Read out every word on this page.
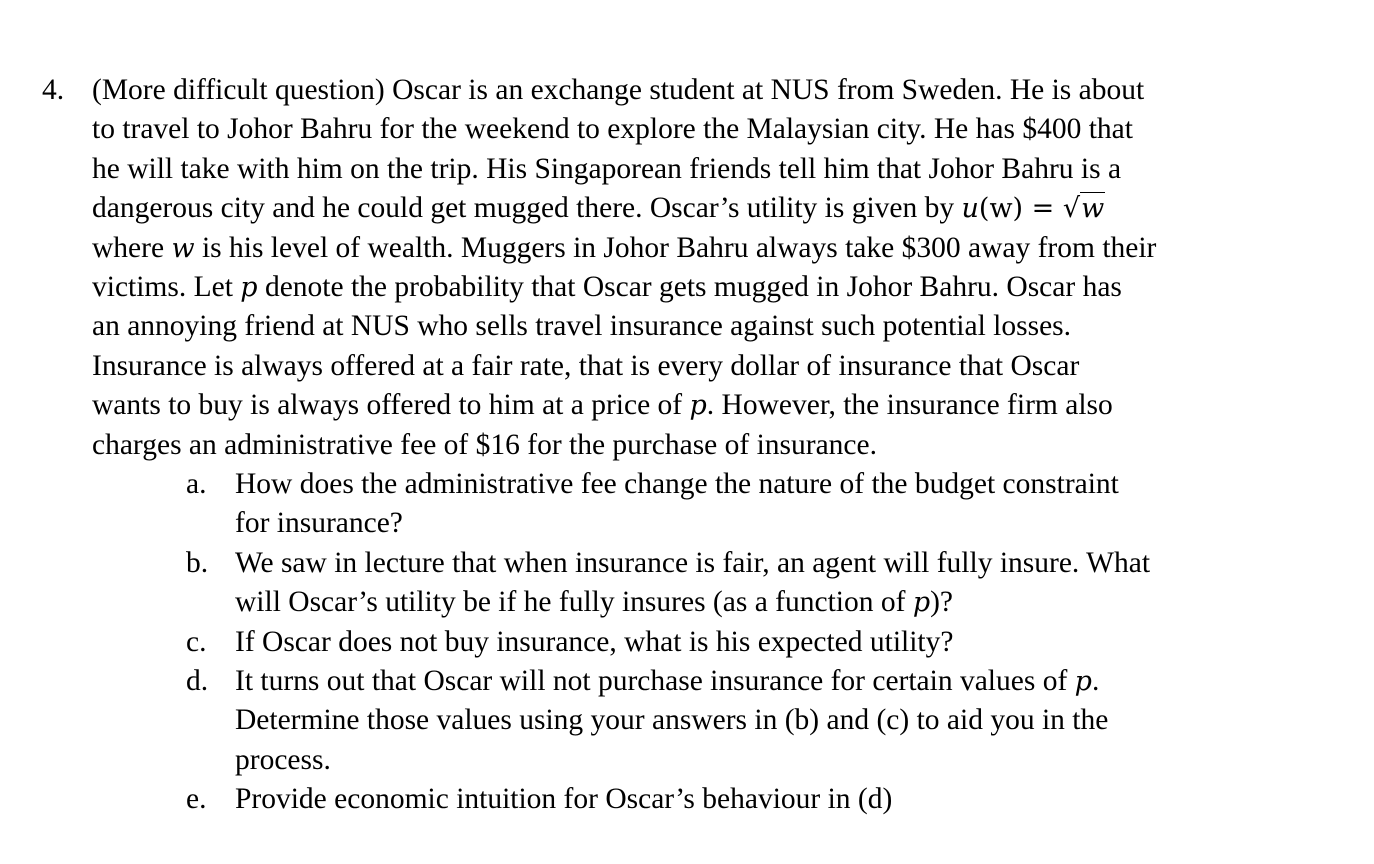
4. (More difficult question) Oscar is an exchange student at NUS from Sweden. He is about
to travel to Johor Bahru for the weekend to explore the Malaysian city. He has $400 that
he will take with him on the trip. His Singaporean friends tell him that Johor Bahru is a
dangerous city and he could get mugged there. Oscar’s utility is given by u(w) = √w
where w is his level of wealth. Muggers in Johor Bahru always take $300 away from their
victims. Let p denote the probability that Oscar gets mugged in Johor Bahru. Oscar has
an annoying friend at NUS who sells travel insurance against such potential losses.
Insurance is always offered at a fair rate, that is every dollar of insurance that Oscar
wants to buy is always offered to him at a price of p. However, the insurance firm also
charges an administrative fee of $16 for the purchase of insurance.
a. How does the administrative fee change the nature of the budget constraint
for insurance?
b. We saw in lecture that when insurance is fair, an agent will fully insure. What
will Oscar’s utility be if he fully insures (as a function of p)?
c. If Oscar does not buy insurance, what is his expected utility?
d. It turns out that Oscar will not purchase insurance for certain values of p.
Determine those values using your answers in (b) and (c) to aid you in the
process.
e. Provide economic intuition for Oscar’s behaviour in (d)
